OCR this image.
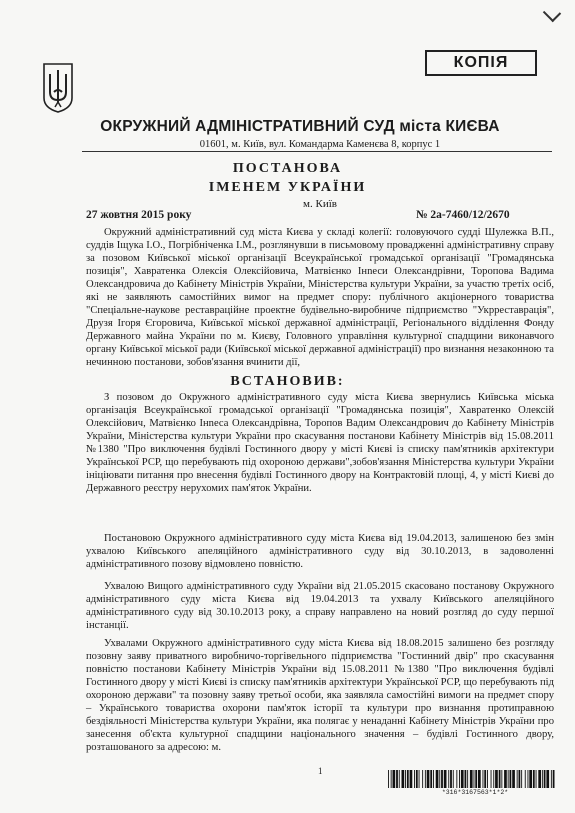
КОПІЯ
ОКРУЖНИЙ АДМІНІСТРАТИВНИЙ СУД міста КИЄВА
01601, м. Київ, вул. Командарма Каменєва 8, корпус 1
ПОСТАНОВА
ІМЕНЕМ УКРАЇНИ
м. Київ
27 жовтня 2015 року	№ 2а-7460/12/2670

Окружний адміністративний суд міста Києва у складі колегії: головуючого судді Шулежка В.П., суддів Іщука І.О., Погрібніченка І.М., розглянувши в письмовому провадженні адміністративну справу за позовом Київської міської організації Всеукраїнської громадської організації "Громадянська позиція", Хавратенка Олексія Олексійовича, Матвієнко Інnеси Олександрівни, Торопова Вадима Олександровича до Кабінету Міністрів України, Міністерства культури України, за участю третіх осіб, які не заявляють самостійних вимог на предмет спору: публічного акціонерного товариства "Спеціальне-наукове реставраційне проектне будівельно-виробниче підприємство "Укрреставрація", Друзя Ігоря Єгоровича, Київської міської державної адміністрації, Регіонального відділення Фонду Державного майна України по м. Києву, Головного управління культурної спадщини виконавчого органу Київської міської ради (Київської міської державної адміністрації) про визнання незаконною та нечинною постанови, зобов'язання вчинити дії,

ВСТАНОВИВ:

З позовом до Окружного адміністративного суду міста Києва звернулись Київська міська організація Всеукраїнської громадської організації "Громадянська позиція", Хавратенко Олексій Олексійович, Матвієнко Інnеса Олександрівна, Торопов Вадим Олександрович до Кабінету Міністрів України, Міністерства культури України про скасування постанови Кабінету Міністрів від 15.08.2011 №1380 "Про виключення будівлі Гостинного двору у місті Києві із списку пам'ятників архітектури Української РСР, що перебувають під охороною держави",зобов'язання Міністерства культури України ініціювати питання про внесення будівлі Гостинного двору на Контрактовій площі, 4, у місті Києві до Державного реєстру нерухомих пам'яток України.

Постановою Окружного адміністративного суду міста Києва від 19.04.2013, залишеною без змін ухвалою Київського апеляційного адміністративного суду від 30.10.2013, в задоволенні адміністративного позову відмовлено повністю.

Ухвалою Вищого адміністративного суду України від 21.05.2015 скасовано постанову Окружного адміністративного суду міста Києва від 19.04.2013 та ухвалу Київського апеляційного адміністративного суду від 30.10.2013 року, а справу направлено на новий розгляд до суду першої інстанції.

Ухвалами Окружного адміністративного суду міста Києва від 18.08.2015 залишено без розгляду позовну заяву приватного виробничо-торгівельного підприємства "Гостинний двір" про скасування повністю постанови Кабінету Міністрів України від 15.08.2011 №1380 "Про виключення будівлі Гостинного двору у місті Києві із списку пам'ятників архітектури Української РСР, що перебувають під охороною держави" та позовну заяву третьої особи, яка заявляла самостійні вимоги на предмет спору – Українського товариства охорони пам'яток історії та культури про визнання протиправною бездіяльності Міністерства культури України, яка полягає у ненаданні Кабінету Міністрів України про занесення об'єкта культурної спадщини національного значення – будівлі Гостинного двору, розташованого за адресою: м.

1
*316*3167563*1*2*
